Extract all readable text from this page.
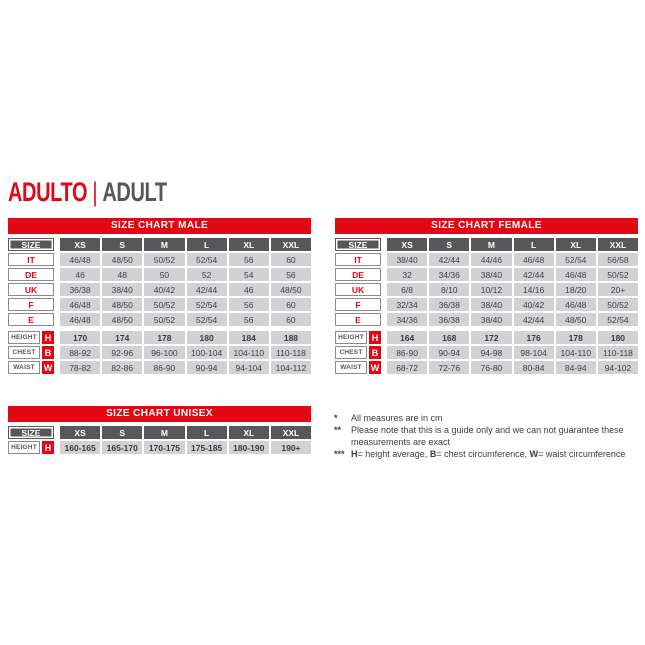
ADULTO | ADULT
SIZE CHART MALE
SIZE	XS	S	M	L	XL	XXL
IT	46/48	48/50	50/52	52/54	56	60
DE	46	48	50	52	54	56
UK	36/38	38/40	40/42	42/44	46	48/50
F	46/48	48/50	50/52	52/54	56	60
E	46/48	48/50	50/52	52/54	56	60
HEIGHT H	170	174	178	180	184	188
CHEST	B	88-92	92-96	96-100	100-104	104-110	110-118
WAIST W	78-82	82-86	86-90	90-94	94-104	104-112
SIZE CHART FEMALE
SIZE	XS	S	M	L	XL	XXL
IT	38/40	42/44	44/46	46/48	52/54	56/58
DE	32	34/36	38/40	42/44	46/48	50/52
UK	6/8	8/10	10/12	14/16	18/20	20+
F	32/34	36/38	38/40	40/42	46/48	50/52
E	34/36	36/38	38/40	42/44	48/50	52/54
HEIGHT H	164	168	172	176	178	180
CHEST	B	86-90	90-94	94-98	98-104	104-110	110-118
WAIST W	68-72	72-76	76-80	80-84	84-94	94-102
SIZE CHART UNISEX
SIZE	XS	S	M	L	XL	XXL
HEIGHT H	160-165	165-170	170-175	175-185	180-190	190+
*	All measures are in cm
**	Please note that this is a guide only and we can not guarantee these measurements are exact
*** H= height average, B= chest circumference, W= waist circumference
